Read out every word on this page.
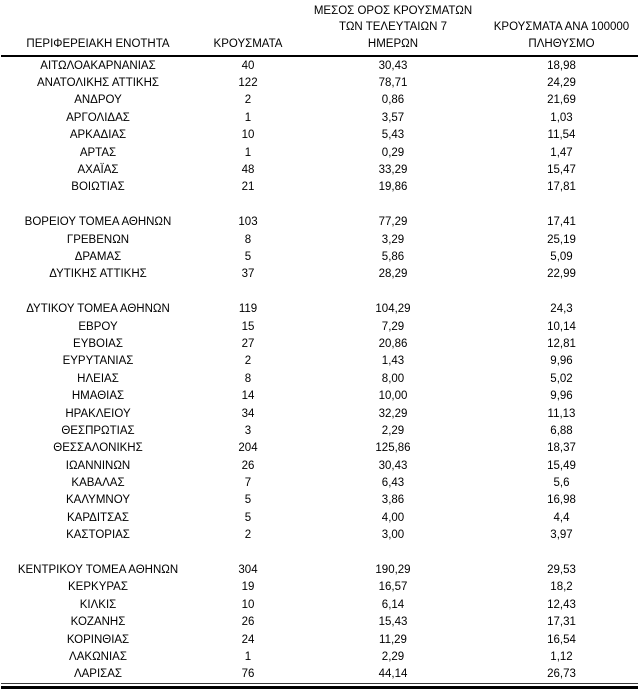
ΠΕΡΙΦΕΡΕΙΑΚΗ ΕΝΟΤΗΤΑ	ΚΡΟΥΣΜΑΤΑ	ΜΕΣΟΣ ΟΡΟΣ ΚΡΟΥΣΜΑΤΩΝ
ΤΩΝ ΤΕΛΕΥΤΑΙΩΝ 7
ΗΜΕΡΩΝ	ΚΡΟΥΣΜΑΤΑ ΑΝΑ 100000
ΠΛΗΘΥΣΜΟ

ΑΙΤΩΛΟΑΚΑΡΝΑΝΙΑΣ	40	30,43	18,98
ΑΝΑΤΟΛΙΚΗΣ ΑΤΤΙΚΗΣ	122	78,71	24,29
ΑΝΔΡΟΥ	2	0,86	21,69
ΑΡΓΟΛΙΔΑΣ	1	3,57	1,03
ΑΡΚΑΔΙΑΣ	10	5,43	11,54
ΑΡΤΑΣ	1	0,29	1,47
ΑΧΑΪΑΣ	48	33,29	15,47
ΒΟΙΩΤΙΑΣ	21	19,86	17,81

ΒΟΡΕΙΟΥ ΤΟΜΕΑ ΑΘΗΝΩΝ	103	77,29	17,41
ΓΡΕΒΕΝΩΝ	8	3,29	25,19
ΔΡΑΜΑΣ	5	5,86	5,09
ΔΥΤΙΚΗΣ ΑΤΤΙΚΗΣ	37	28,29	22,99

ΔΥΤΙΚΟΥ ΤΟΜΕΑ ΑΘΗΝΩΝ	119	104,29	24,3
ΕΒΡΟΥ	15	7,29	10,14
ΕΥΒΟΙΑΣ	27	20,86	12,81
ΕΥΡΥΤΑΝΙΑΣ	2	1,43	9,96
ΗΛΕΙΑΣ	8	8,00	5,02
ΗΜΑΘΙΑΣ	14	10,00	9,96
ΗΡΑΚΛΕΙΟΥ	34	32,29	11,13
ΘΕΣΠΡΩΤΙΑΣ	3	2,29	6,88
ΘΕΣΣΑΛΟΝΙΚΗΣ	204	125,86	18,37
ΙΩΑΝΝΙΝΩΝ	26	30,43	15,49
ΚΑΒΑΛΑΣ	7	6,43	5,6
ΚΑΛΥΜΝΟΥ	5	3,86	16,98
ΚΑΡΔΙΤΣΑΣ	5	4,00	4,4
ΚΑΣΤΟΡΙΑΣ	2	3,00	3,97

ΚΕΝΤΡΙΚΟΥ ΤΟΜΕΑ ΑΘΗΝΩΝ	304	190,29	29,53
ΚΕΡΚΥΡΑΣ	19	16,57	18,2
ΚΙΛΚΙΣ	10	6,14	12,43
ΚΟΖΑΝΗΣ	26	15,43	17,31
ΚΟΡΙΝΘΙΑΣ	24	11,29	16,54
ΛΑΚΩΝΙΑΣ	1	2,29	1,12
ΛΑΡΙΣΑΣ	76	44,14	26,73
